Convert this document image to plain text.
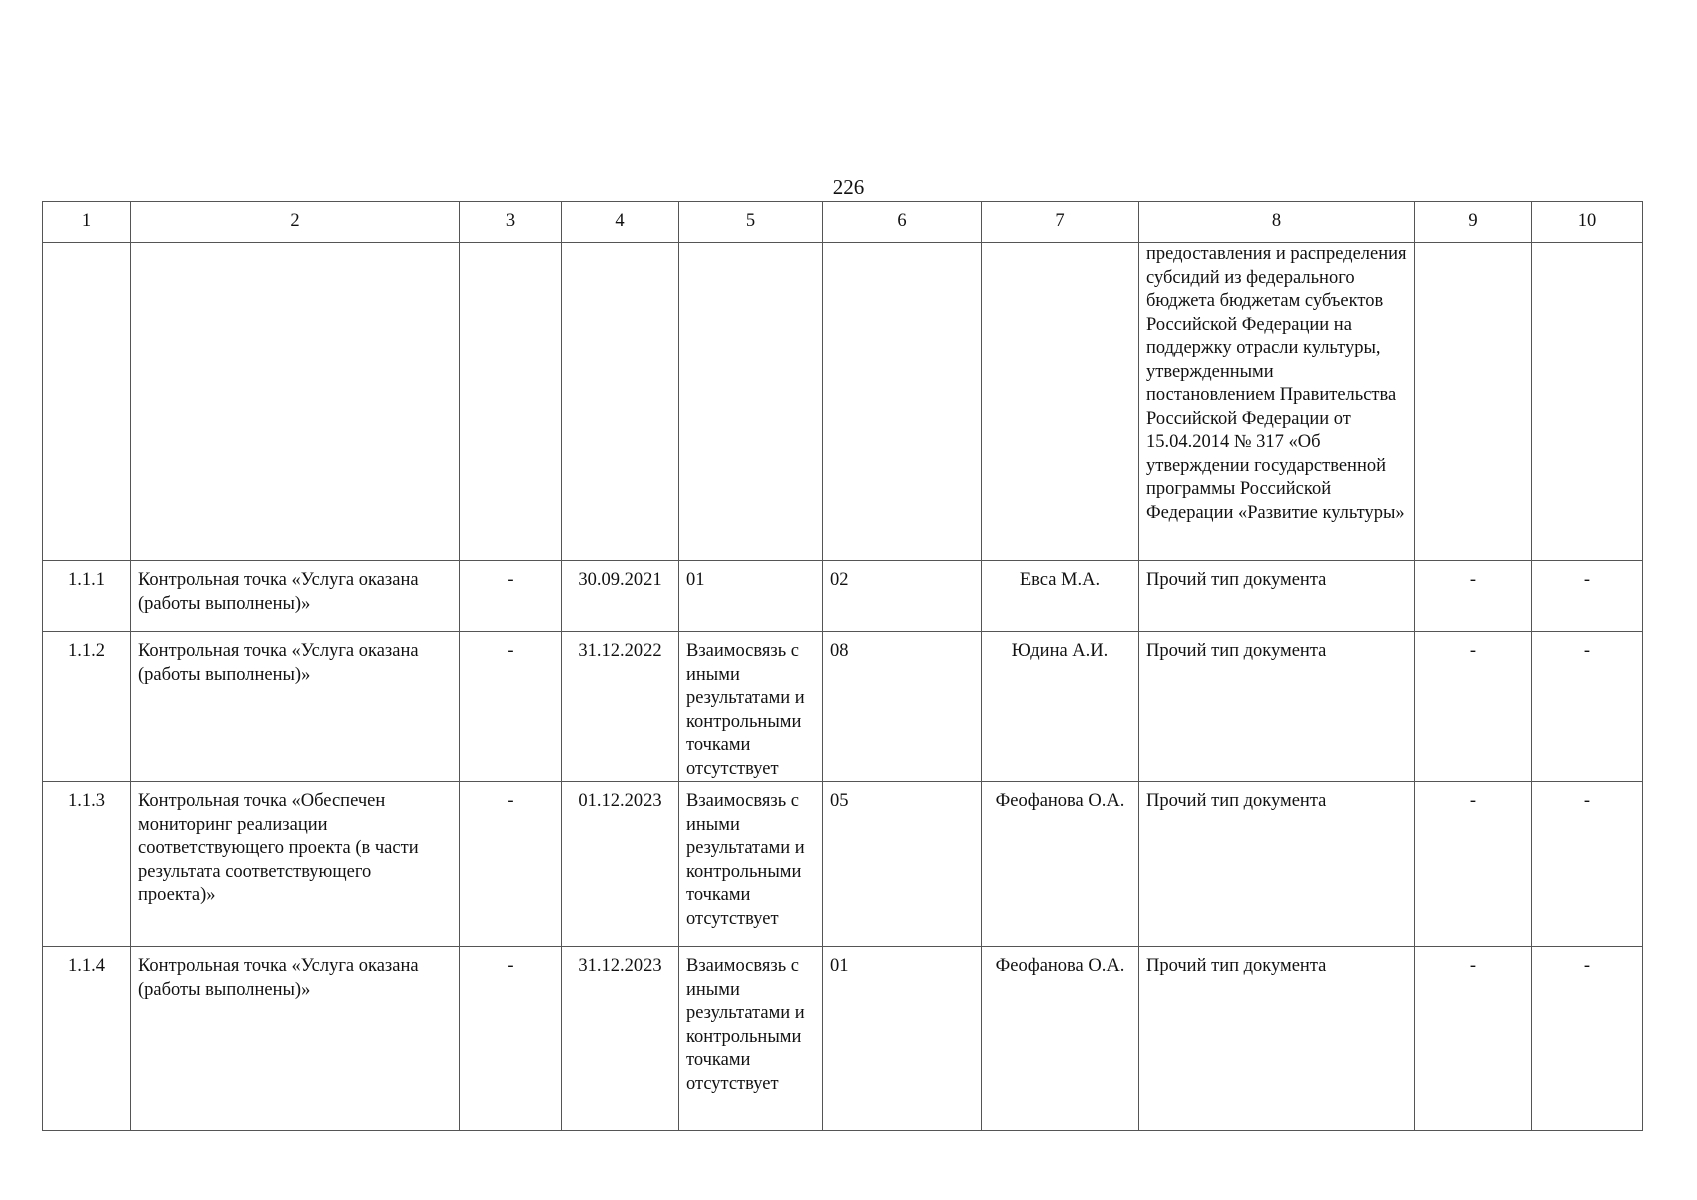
226
1	2	3	4	5	6	7	8	9	10
							предоставления и распределения субсидий из федерального бюджета бюджетам субъектов Российской Федерации на поддержку отрасли культуры, утвержденными постановлением Правительства Российской Федерации от 15.04.2014 № 317 «Об утверждении государственной программы Российской Федерации «Развитие культуры»		
1.1.1	Контрольная точка «Услуга оказана (работы выполнены)»	-	30.09.2021	01	02	Евса М.А.	Прочий тип документа	-	-
1.1.2	Контрольная точка «Услуга оказана (работы выполнены)»	-	31.12.2022	Взаимосвязь с иными результатами и контрольными точками отсутствует	08	Юдина А.И.	Прочий тип документа	-	-
1.1.3	Контрольная точка «Обеспечен мониторинг реализации соответствующего проекта (в части результата соответствующего проекта)»	-	01.12.2023	Взаимосвязь с иными результатами и контрольными точками отсутствует	05	Феофанова О.А.	Прочий тип документа	-	-
1.1.4	Контрольная точка «Услуга оказана (работы выполнены)»	-	31.12.2023	Взаимосвязь с иными результатами и контрольными точками отсутствует	01	Феофанова О.А.	Прочий тип документа	-	-
